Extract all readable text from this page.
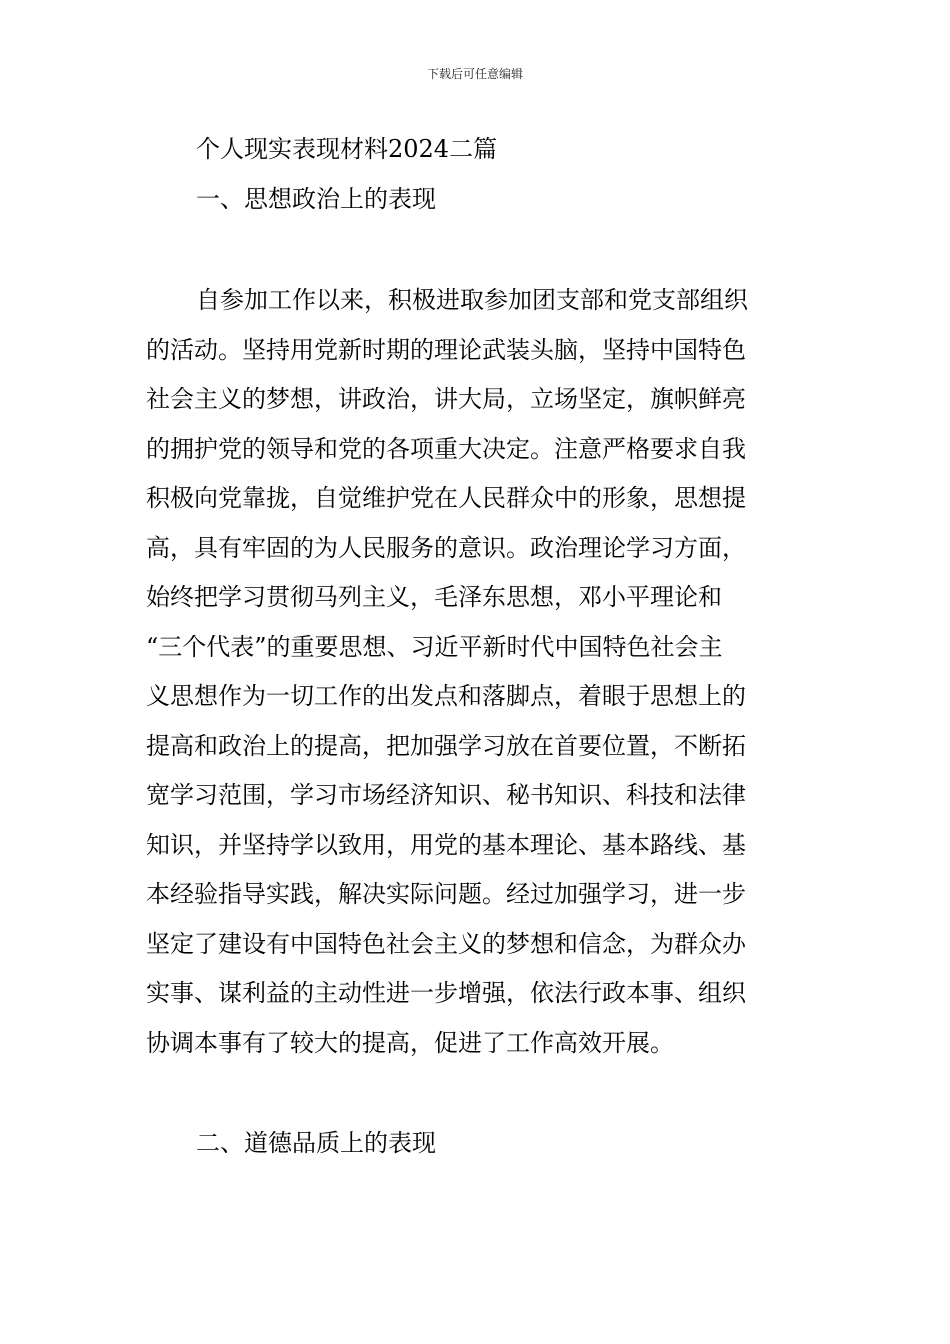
下载后可任意编辑
个人现实表现材料2024二篇
一、思想政治上的表现
自参加工作以来，积极进取参加团支部和党支部组织
的活动。坚持用党新时期的理论武装头脑，坚持中国特色
社会主义的梦想，讲政治，讲大局，立场坚定，旗帜鲜亮
的拥护党的领导和党的各项重大决定。注意严格要求自我
积极向党靠拢，自觉维护党在人民群众中的形象，思想提
高，具有牢固的为人民服务的意识。政治理论学习方面，
始终把学习贯彻马列主义，毛泽东思想，邓小平理论和
“三个代表”的重要思想、习近平新时代中国特色社会主
义思想作为一切工作的出发点和落脚点，着眼于思想上的
提高和政治上的提高，把加强学习放在首要位置，不断拓
宽学习范围，学习市场经济知识、秘书知识、科技和法律
知识，并坚持学以致用，用党的基本理论、基本路线、基
本经验指导实践，解决实际问题。经过加强学习，进一步
坚定了建设有中国特色社会主义的梦想和信念，为群众办
实事、谋利益的主动性进一步增强，依法行政本事、组织
协调本事有了较大的提高，促进了工作高效开展。
二、道德品质上的表现
